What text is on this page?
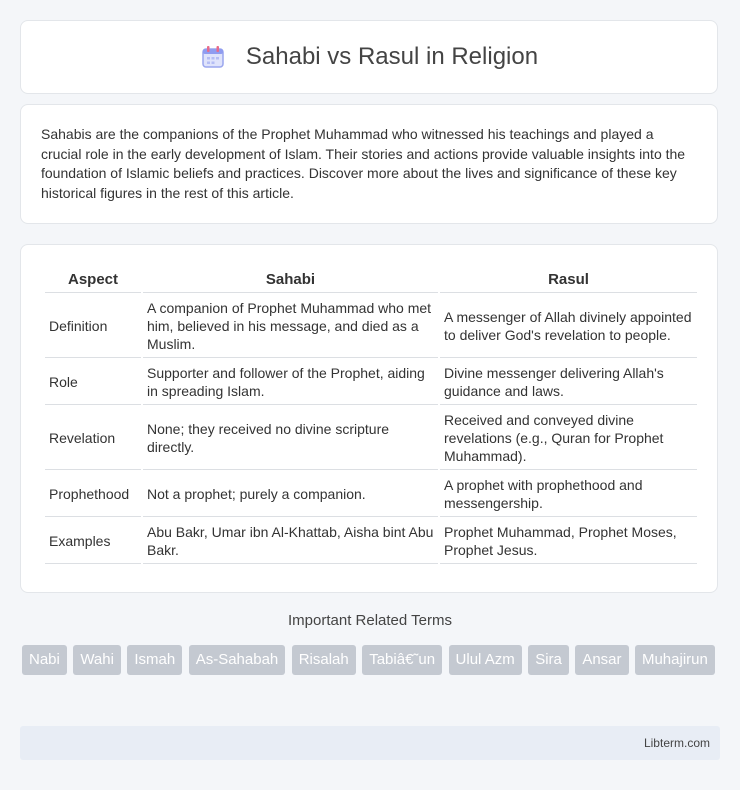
Sahabi vs Rasul in Religion

Sahabis are the companions of the Prophet Muhammad who witnessed his teachings and played a crucial role in the early development of Islam. Their stories and actions provide valuable insights into the foundation of Islamic beliefs and practices. Discover more about the lives and significance of these key historical figures in the rest of this article.

Aspect	Sahabi	Rasul
Definition	A companion of Prophet Muhammad who met him, believed in his message, and died as a Muslim.	A messenger of Allah divinely appointed to deliver God's revelation to people.
Role	Supporter and follower of the Prophet, aiding in spreading Islam.	Divine messenger delivering Allah's guidance and laws.
Revelation	None; they received no divine scripture directly.	Received and conveyed divine revelations (e.g., Quran for Prophet Muhammad).
Prophethood	Not a prophet; purely a companion.	A prophet with prophethood and messengership.
Examples	Abu Bakr, Umar ibn Al-Khattab, Aisha bint Abu Bakr.	Prophet Muhammad, Prophet Moses, Prophet Jesus.
Important Related Terms
Nabi Wahi Ismah As-Sahabah Risalah Tabiâ€˜un Ulul Azm Sira Ansar Muhajirun
Libterm.com
